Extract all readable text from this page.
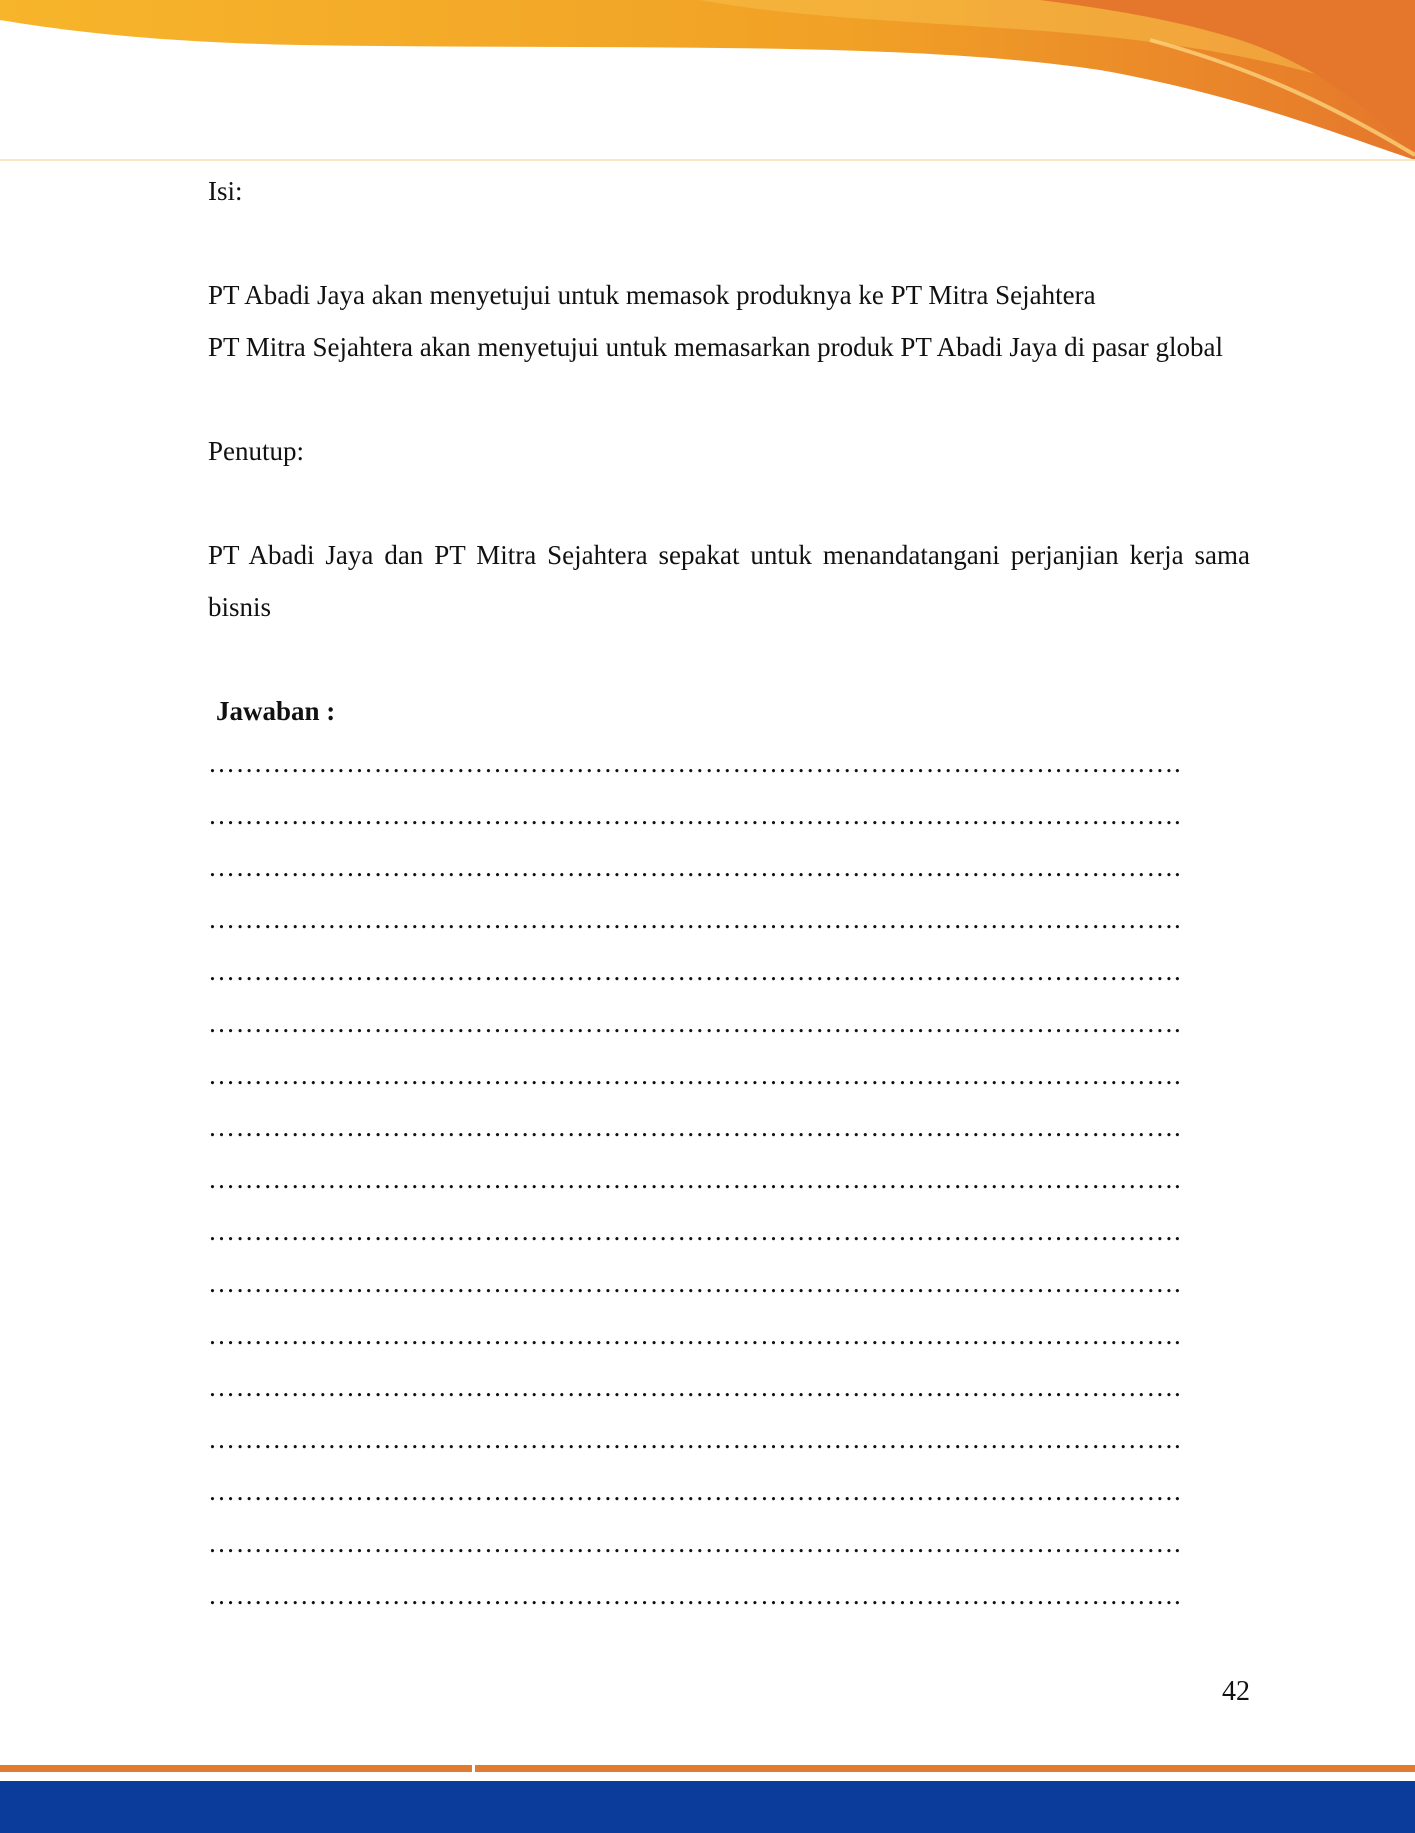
Isi:

PT Abadi Jaya akan menyetujui untuk memasok produknya ke PT Mitra Sejahtera

PT Mitra Sejahtera akan menyetujui untuk memasarkan produk PT Abadi Jaya di pasar global

Penutup:

PT Abadi Jaya dan PT Mitra Sejahtera sepakat untuk menandatangani perjanjian kerja sama bisnis

Jawaban :

…………………………………………………………………………………………….
…………………………………………………………………………………………….
…………………………………………………………………………………………….
…………………………………………………………………………………………….
…………………………………………………………………………………………….
…………………………………………………………………………………………….
…………………………………………………………………………………………….
…………………………………………………………………………………………….
…………………………………………………………………………………………….
…………………………………………………………………………………………….
…………………………………………………………………………………………….
…………………………………………………………………………………………….
…………………………………………………………………………………………….
…………………………………………………………………………………………….
…………………………………………………………………………………………….
…………………………………………………………………………………………….
…………………………………………………………………………………………….
42
